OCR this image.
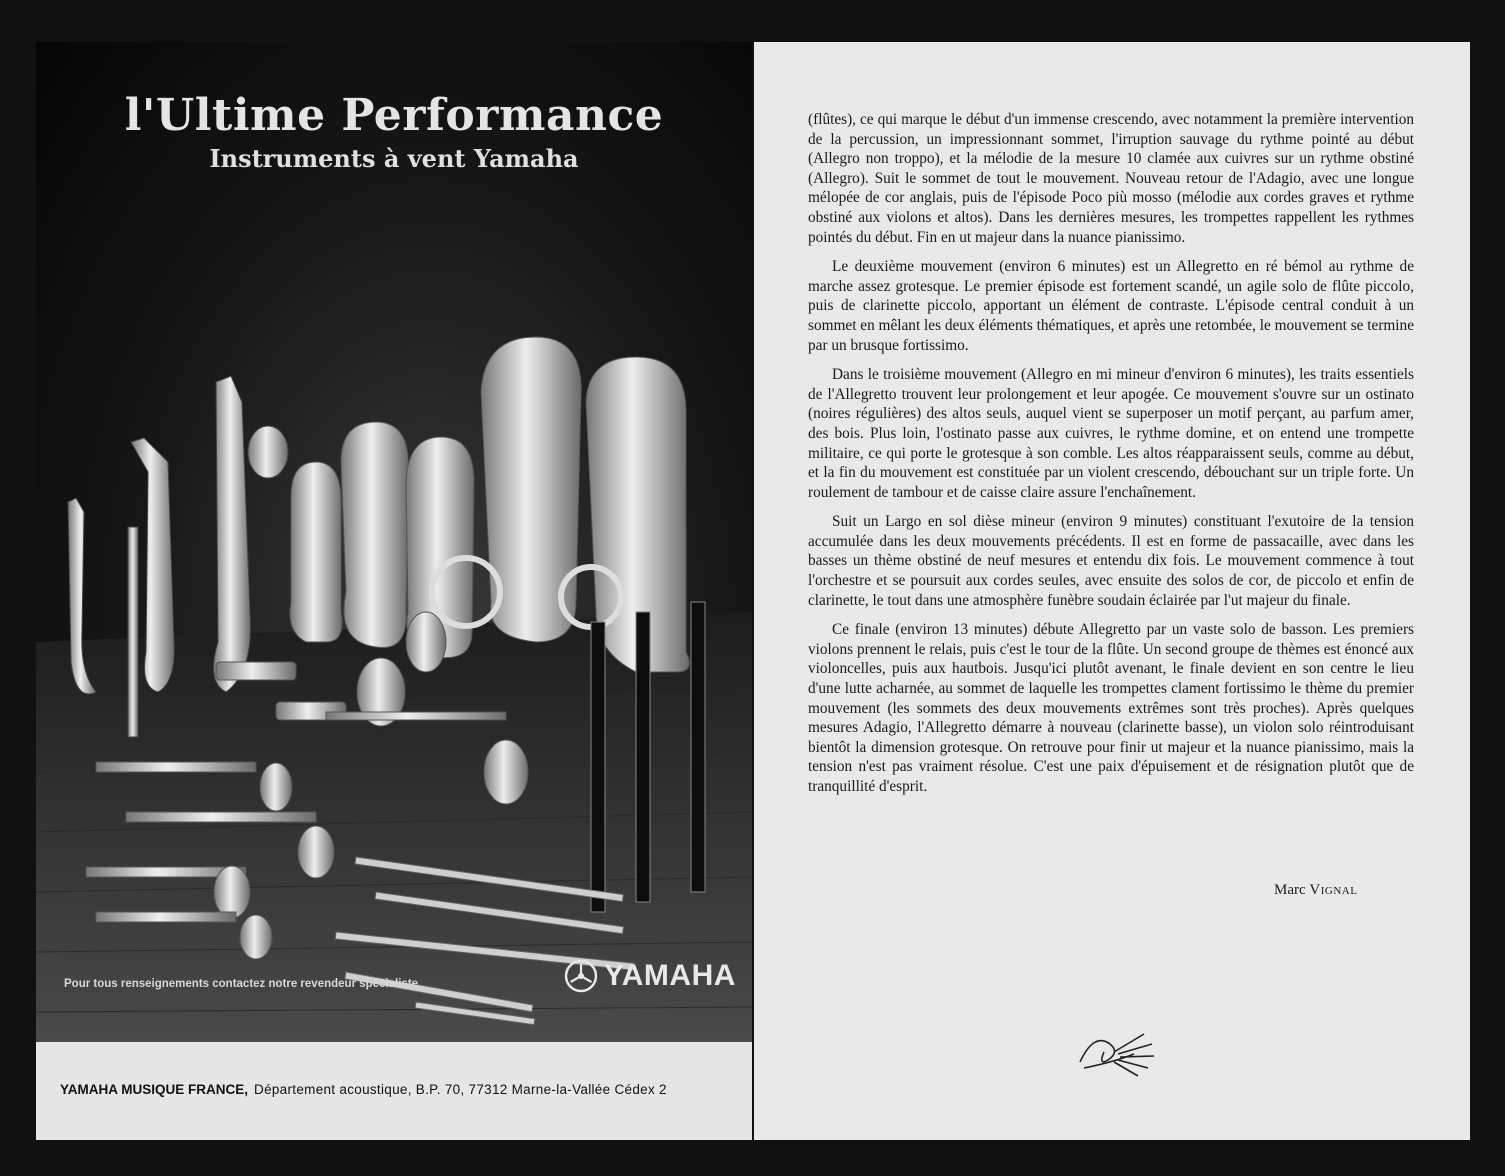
l'Ultime Performance
Instruments à vent Yamaha
Pour tous renseignements contactez notre revendeur spécialiste	YAMAHA
YAMAHA MUSIQUE FRANCE, Département acoustique, B.P. 70, 77312 Marne-la-Vallée Cédex 2

(flûtes), ce qui marque le début d'un immense crescendo, avec notamment la première intervention de la percussion, un impressionnant sommet, l'irruption sauvage du rythme pointé au début (Allegro non troppo), et la mélodie de la mesure 10 clamée aux cuivres sur un rythme obstiné (Allegro). Suit le sommet de tout le mouvement. Nouveau retour de l'Adagio, avec une longue mélopée de cor anglais, puis de l'épisode Poco più mosso (mélodie aux cordes graves et rythme obstiné aux violons et altos). Dans les dernières mesures, les trompettes rappellent les rythmes pointés du début. Fin en ut majeur dans la nuance pianissimo.

Le deuxième mouvement (environ 6 minutes) est un Allegretto en ré bémol au rythme de marche assez grotesque. Le premier épisode est fortement scandé, un agile solo de flûte piccolo, puis de clarinette piccolo, apportant un élément de contraste. L'épisode central conduit à un sommet en mêlant les deux éléments thématiques, et après une retombée, le mouvement se termine par un brusque fortissimo.

Dans le troisième mouvement (Allegro en mi mineur d'environ 6 minutes), les traits essentiels de l'Allegretto trouvent leur prolongement et leur apogée. Ce mouvement s'ouvre sur un ostinato (noires régulières) des altos seuls, auquel vient se superposer un motif perçant, au parfum amer, des bois. Plus loin, l'ostinato passe aux cuivres, le rythme domine, et on entend une trompette militaire, ce qui porte le grotesque à son comble. Les altos réapparaissent seuls, comme au début, et la fin du mouvement est constituée par un violent crescendo, débouchant sur un triple forte. Un roulement de tambour et de caisse claire assure l'enchaînement.

Suit un Largo en sol dièse mineur (environ 9 minutes) constituant l'exutoire de la tension accumulée dans les deux mouvements précédents. Il est en forme de passacaille, avec dans les basses un thème obstiné de neuf mesures et entendu dix fois. Le mouvement commence à tout l'orchestre et se poursuit aux cordes seules, avec ensuite des solos de cor, de piccolo et enfin de clarinette, le tout dans une atmosphère funèbre soudain éclairée par l'ut majeur du finale.

Ce finale (environ 13 minutes) débute Allegretto par un vaste solo de basson. Les premiers violons prennent le relais, puis c'est le tour de la flûte. Un second groupe de thèmes est énoncé aux violoncelles, puis aux hautbois. Jusqu'ici plutôt avenant, le finale devient en son centre le lieu d'une lutte acharnée, au sommet de laquelle les trompettes clament fortissimo le thème du premier mouvement (les sommets des deux mouvements extrêmes sont très proches). Après quelques mesures Adagio, l'Allegretto démarre à nouveau (clarinette basse), un violon solo réintroduisant bientôt la dimension grotesque. On retrouve pour finir ut majeur et la nuance pianissimo, mais la tension n'est pas vraiment résolue. C'est une paix d'épuisement et de résignation plutôt que de tranquillité d'esprit.

Marc Vignal
